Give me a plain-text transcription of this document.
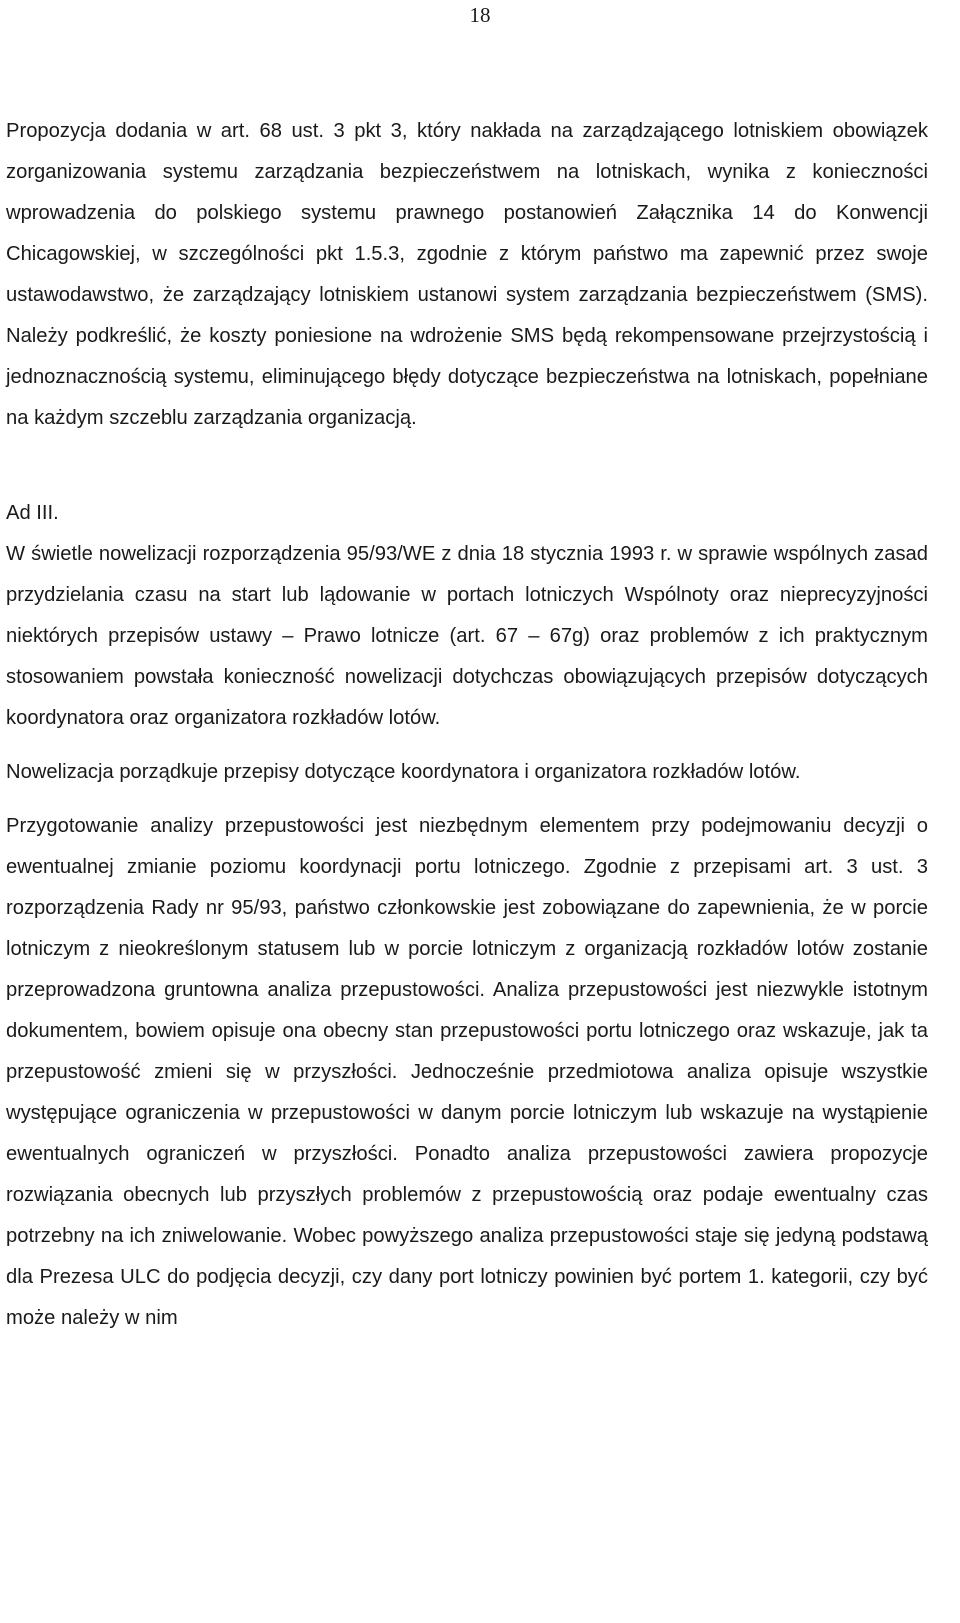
18

Propozycja dodania w art. 68 ust. 3 pkt 3, który nakłada na zarządzającego lotniskiem obowiązek zorganizowania systemu zarządzania bezpieczeństwem na lotniskach, wynika z konieczności wprowadzenia do polskiego systemu prawnego postanowień Załącznika 14 do Konwencji Chicagowskiej, w szczególności pkt 1.5.3, zgodnie z którym państwo ma zapewnić przez swoje ustawodawstwo, że zarządzający lotniskiem ustanowi system zarządzania bezpieczeństwem (SMS). Należy podkreślić, że koszty poniesione na wdrożenie SMS będą rekompensowane przejrzystością i jednoznacznością systemu, eliminującego błędy dotyczące bezpieczeństwa na lotniskach, popełniane na każdym szczeblu zarządzania organizacją.

Ad III.

W świetle nowelizacji rozporządzenia 95/93/WE z dnia 18 stycznia 1993 r. w sprawie wspólnych zasad przydzielania czasu na start lub lądowanie w portach lotniczych Wspólnoty oraz nieprecyzyjności niektórych przepisów ustawy – Prawo lotnicze (art. 67 – 67g) oraz problemów z ich praktycznym stosowaniem powstała konieczność nowelizacji dotychczas obowiązujących przepisów dotyczących koordynatora oraz organizatora rozkładów lotów.

Nowelizacja porządkuje przepisy dotyczące koordynatora i organizatora rozkładów lotów.

Przygotowanie analizy przepustowości jest niezbędnym elementem przy podejmowaniu decyzji o ewentualnej zmianie poziomu koordynacji portu lotniczego. Zgodnie z przepisami art. 3 ust. 3 rozporządzenia Rady nr 95/93, państwo członkowskie jest zobowiązane do zapewnienia, że w porcie lotniczym z nieokreślonym statusem lub w porcie lotniczym z organizacją rozkładów lotów zostanie przeprowadzona gruntowna analiza przepustowości. Analiza przepustowości jest niezwykle istotnym dokumentem, bowiem opisuje ona obecny stan przepustowości portu lotniczego oraz wskazuje, jak ta przepustowość zmieni się w przyszłości. Jednocześnie przedmiotowa analiza opisuje wszystkie występujące ograniczenia w przepustowości w danym porcie lotniczym lub wskazuje na wystąpienie ewentualnych ograniczeń w przyszłości. Ponadto analiza przepustowości zawiera propozycje rozwiązania obecnych lub przyszłych problemów z przepustowością oraz podaje ewentualny czas potrzebny na ich zniwelowanie. Wobec powyższego analiza przepustowości staje się jedyną podstawą dla Prezesa ULC do podjęcia decyzji, czy dany port lotniczy powinien być portem 1. kategorii, czy być może należy w nim
